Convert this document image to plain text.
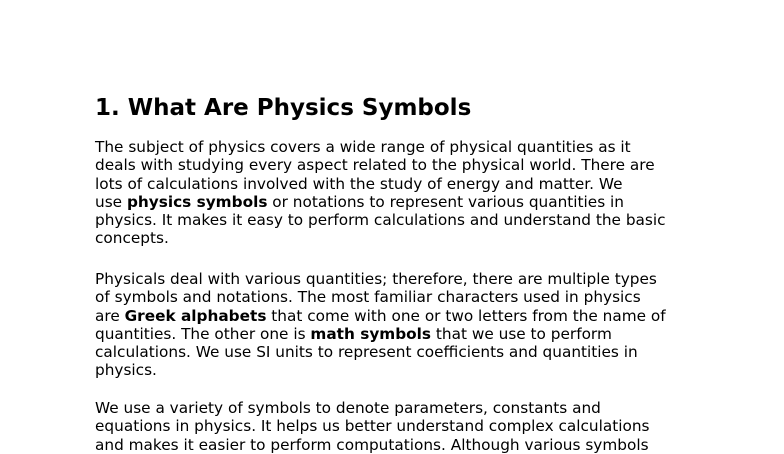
1. What Are Physics Symbols
The subject of physics covers a wide range of physical quantities as it
deals with studying every aspect related to the physical world. There are
lots of calculations involved with the study of energy and matter. We
use physics symbols or notations to represent various quantities in
physics. It makes it easy to perform calculations and understand the basic
concepts.
Physicals deal with various quantities; therefore, there are multiple types
of symbols and notations. The most familiar characters used in physics
are Greek alphabets that come with one or two letters from the name of
quantities. The other one is math symbols that we use to perform
calculations. We use SI units to represent coefficients and quantities in
physics.
We use a variety of symbols to denote parameters, constants and
equations in physics. It helps us better understand complex calculations
and makes it easier to perform computations. Although various symbols
